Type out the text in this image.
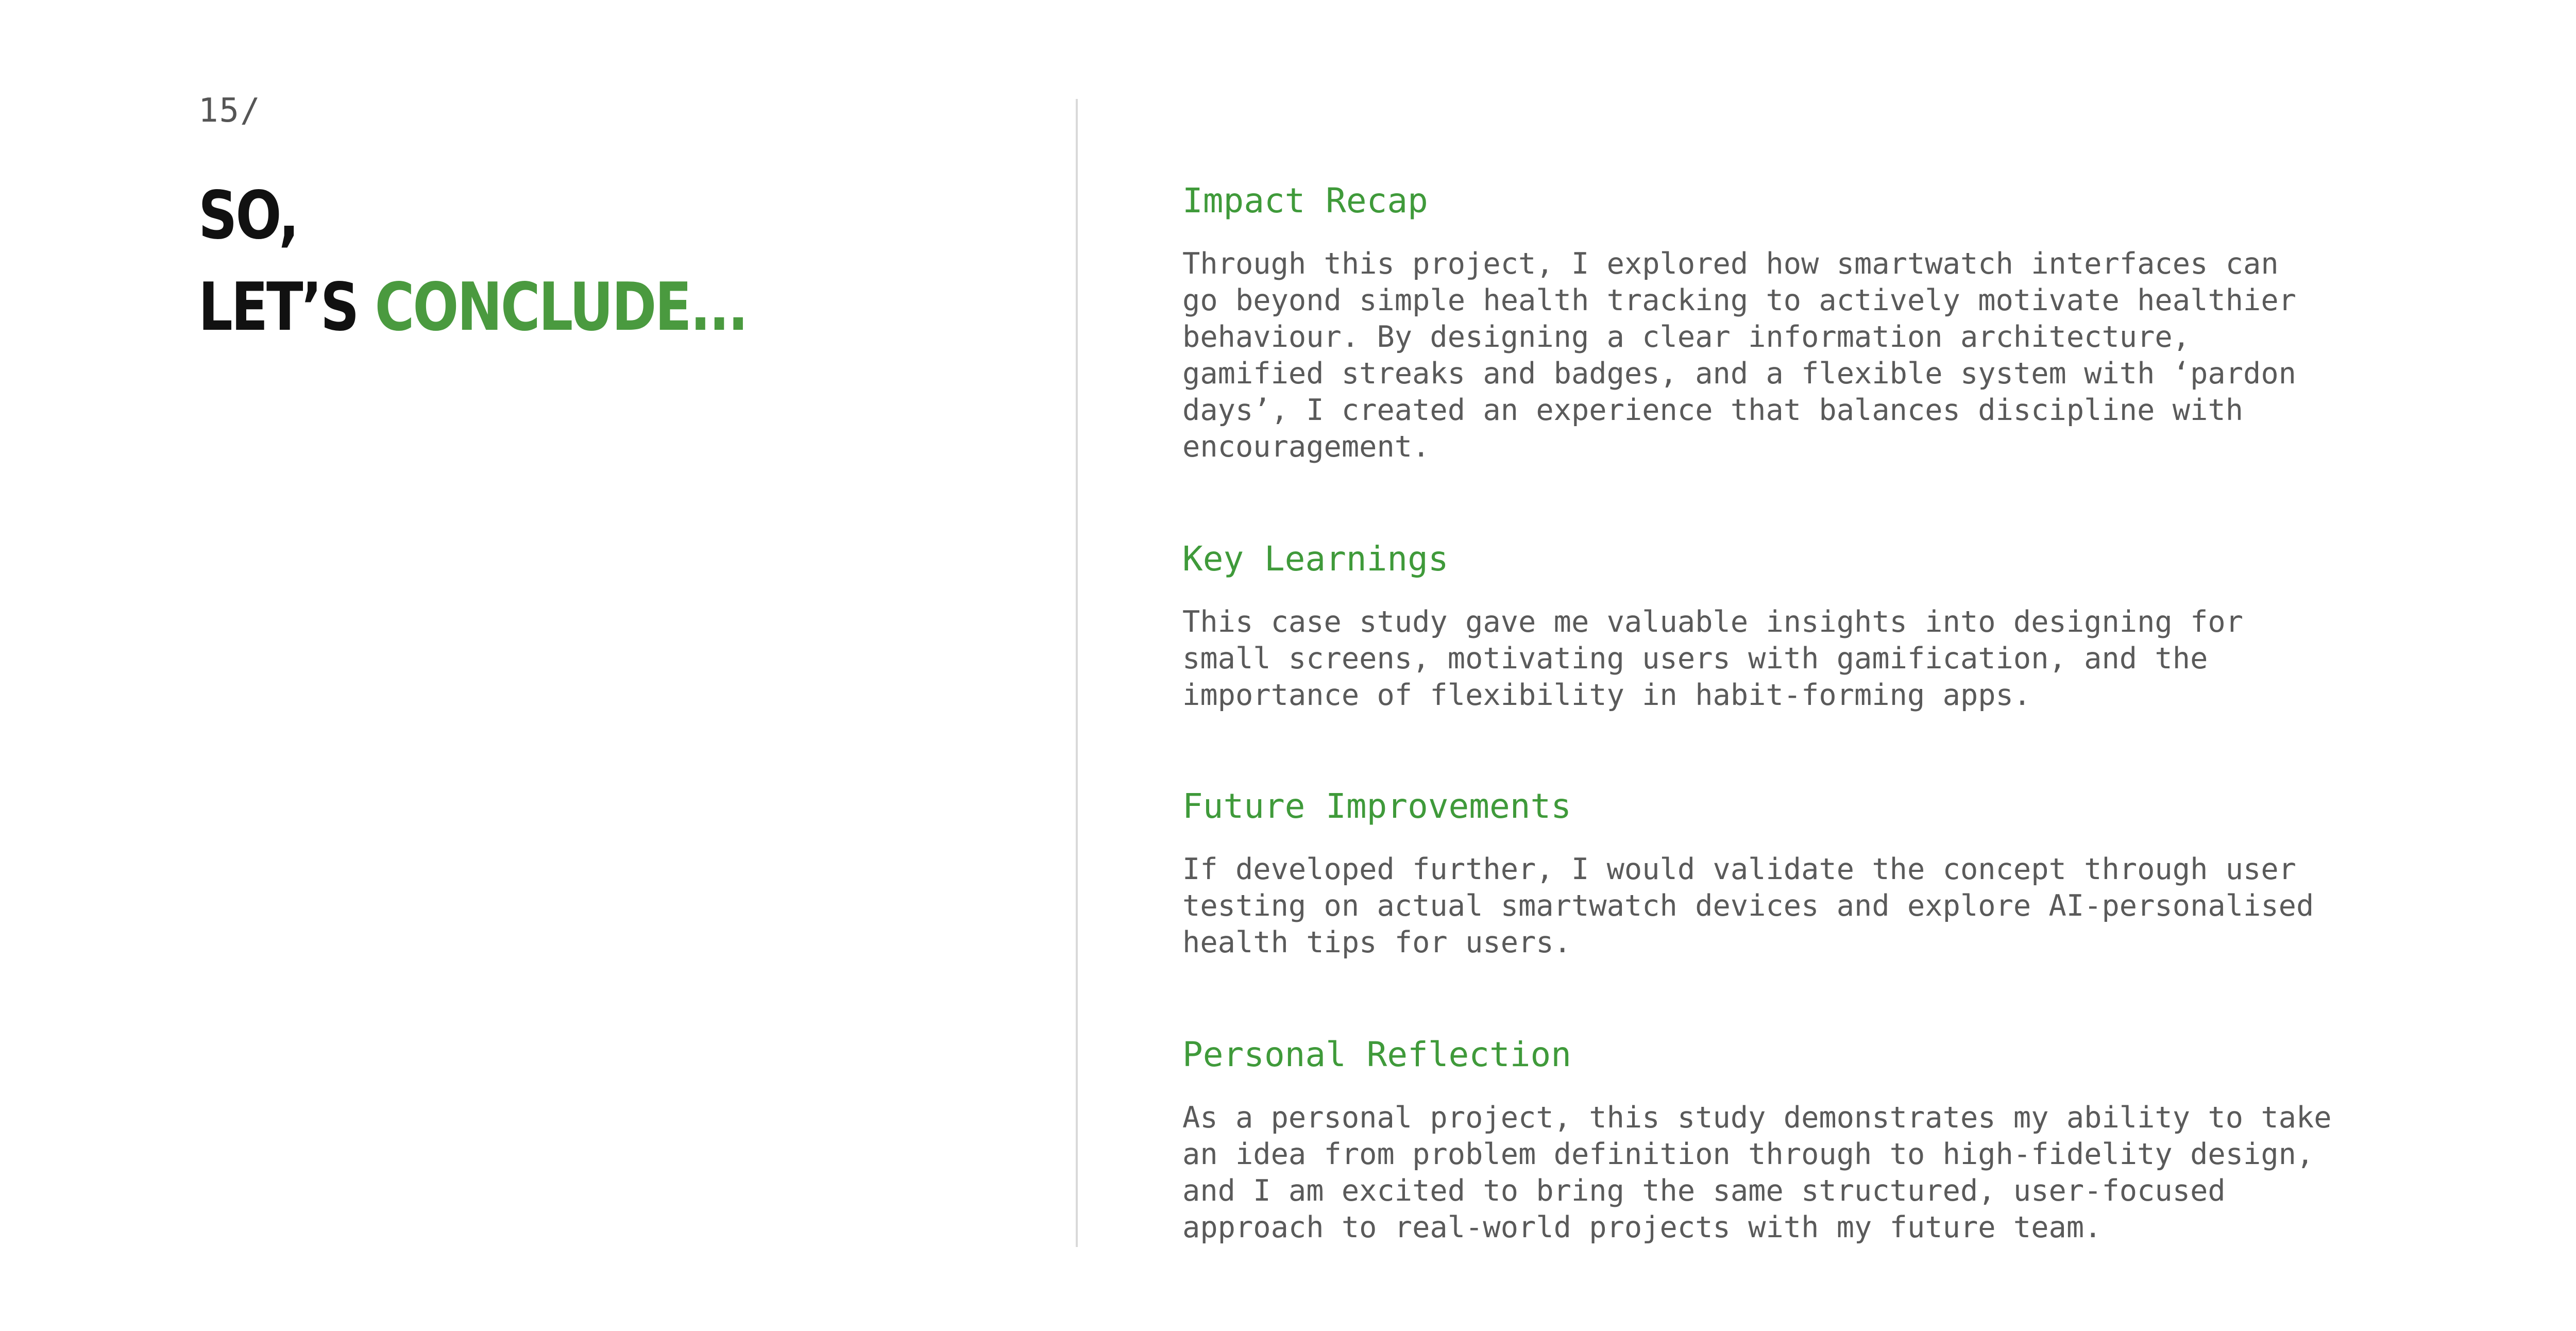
15/
SO,
LET’S CONCLUDE...
Impact Recap

Through this project, I explored how smartwatch interfaces can
go beyond simple health tracking to actively motivate healthier
behaviour. By designing a clear information architecture,
gamified streaks and badges, and a flexible system with ‘pardon
days’, I created an experience that balances discipline with
encouragement.

Key Learnings

This case study gave me valuable insights into designing for
small screens, motivating users with gamification, and the
importance of flexibility in habit-forming apps.

Future Improvements

If developed further, I would validate the concept through user
testing on actual smartwatch devices and explore AI-personalised
health tips for users.

Personal Reflection

As a personal project, this study demonstrates my ability to take
an idea from problem definition through to high-fidelity design,
and I am excited to bring the same structured, user-focused
approach to real-world projects with my future team.
